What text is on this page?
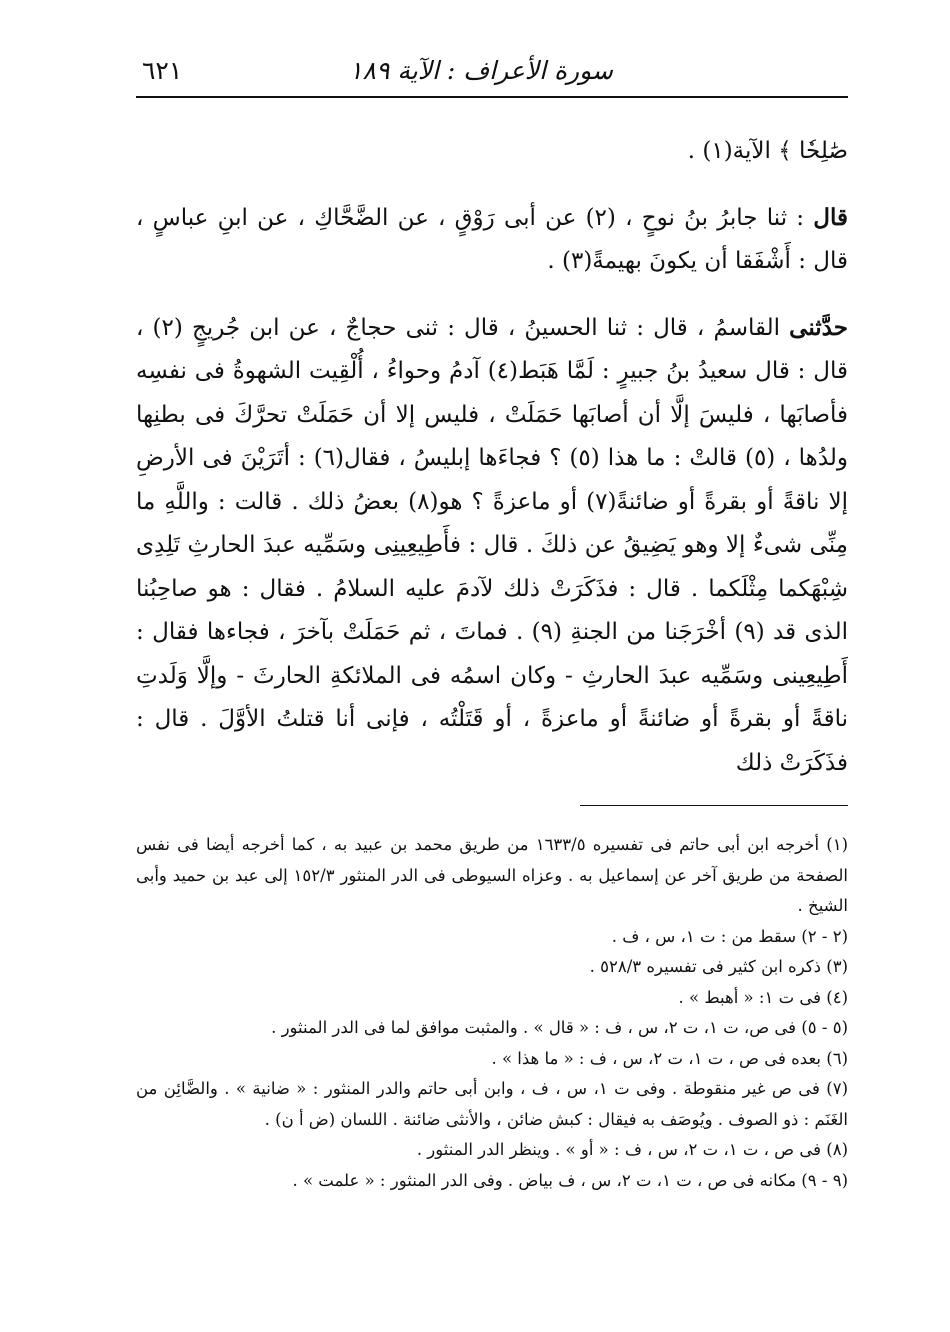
سورة الأعراف : الآية ١٨٩
٦٢١

صَٰلِحٗا ﴾ الآية(١) .

قال : ثنا جابرُ بنُ نوحٍ ، (٢) عن أبى رَوْقٍ ، عن الضَّحَّاكِ ، عن ابنِ عباسٍ ، قال : أَشْفَقا أن يكونَ بهيمةً(٣) .

حدَّثنى القاسمُ ، قال : ثنا الحسينُ ، قال : ثنى حجاجٌ ، عن ابن جُريجٍ (٢) ، قال : قال سعيدُ بنُ جبيرٍ : لَمَّا هَبَط(٤) آدمُ وحواءُ ، أُلْقِيت الشهوةُ فى نفسِه فأصابَها ، فليسَ إلَّا أن أصابَها حَمَلَتْ ، فليس إلا أن حَمَلَتْ تحرَّكَ فى بطنِها ولدُها ، (٥) قالتْ : ما هذا (٥) ؟ فجاءَها إبليسُ ، فقال(٦) : أتَرَيْنَ فى الأرضِ إلا ناقةً أو بقرةً أو ضائنةً(٧) أو ماعزةً ؟ هو(٨) بعضُ ذلك . قالت : واللَّهِ ما مِنِّى شىءٌ إلا وهو يَضِيقُ عن ذلكَ . قال : فأَطِيعِينِى وسَمِّيه عبدَ الحارثِ تَلِدِى شِبْهَكما مِثْلَكما . قال : فذَكَرَتْ ذلك لآدمَ عليه السلامُ . فقال : هو صاحِبُنا الذى قد (٩) أخْرَجَنا من الجنةِ (٩) . فماتَ ، ثم حَمَلَتْ بآخرَ ، فجاءها فقال : أَطِيعِينى وسَمِّيه عبدَ الحارثِ - وكان اسمُه فى الملائكةِ الحارثَ - وإلَّا وَلَدتِ ناقةً أو بقرةً أو ضائنةً أو ماعزةً ، أو قَتَلْتُه ، فإنى أنا قتلتُ الأوَّلَ . قال : فذَكَرَتْ ذلك

(١) أخرجه ابن أبى حاتم فى تفسيره ١٦٣٣/٥ من طريق محمد بن عبيد به ، كما أخرجه أيضا فى نفس الصفحة من طريق آخر عن إسماعيل به . وعزاه السيوطى فى الدر المنثور ١٥٢/٣ إلى عبد بن حميد وأبى الشيخ .

(٢ - ٢) سقط من : ت ١، س ، ف .

(٣) ذكره ابن كثير فى تفسيره ٥٢٨/٣ .

(٤) فى ت ١: « أهبط » .

(٥ - ٥) فى ص، ت ١، ت ٢، س ، ف : « قال » . والمثبت موافق لما فى الدر المنثور .

(٦) بعده فى ص ، ت ١، ت ٢، س ، ف : « ما هذا » .

(٧) فى ص غير منقوطة . وفى ت ١، س ، ف ، وابن أبى حاتم والدر المنثور : « ضانية » . والضَّائِن من الغَنَم : ذو الصوف . ويُوصَف به فيقال : كبش ضائن ، والأنثى ضائنة . اللسان (ض أ ن) .

(٨) فى ص ، ت ١، ت ٢، س ، ف : « أو » . وينظر الدر المنثور .

(٩ - ٩) مكانه فى ص ، ت ١، ت ٢، س ، ف بياض . وفى الدر المنثور : « علمت » .
